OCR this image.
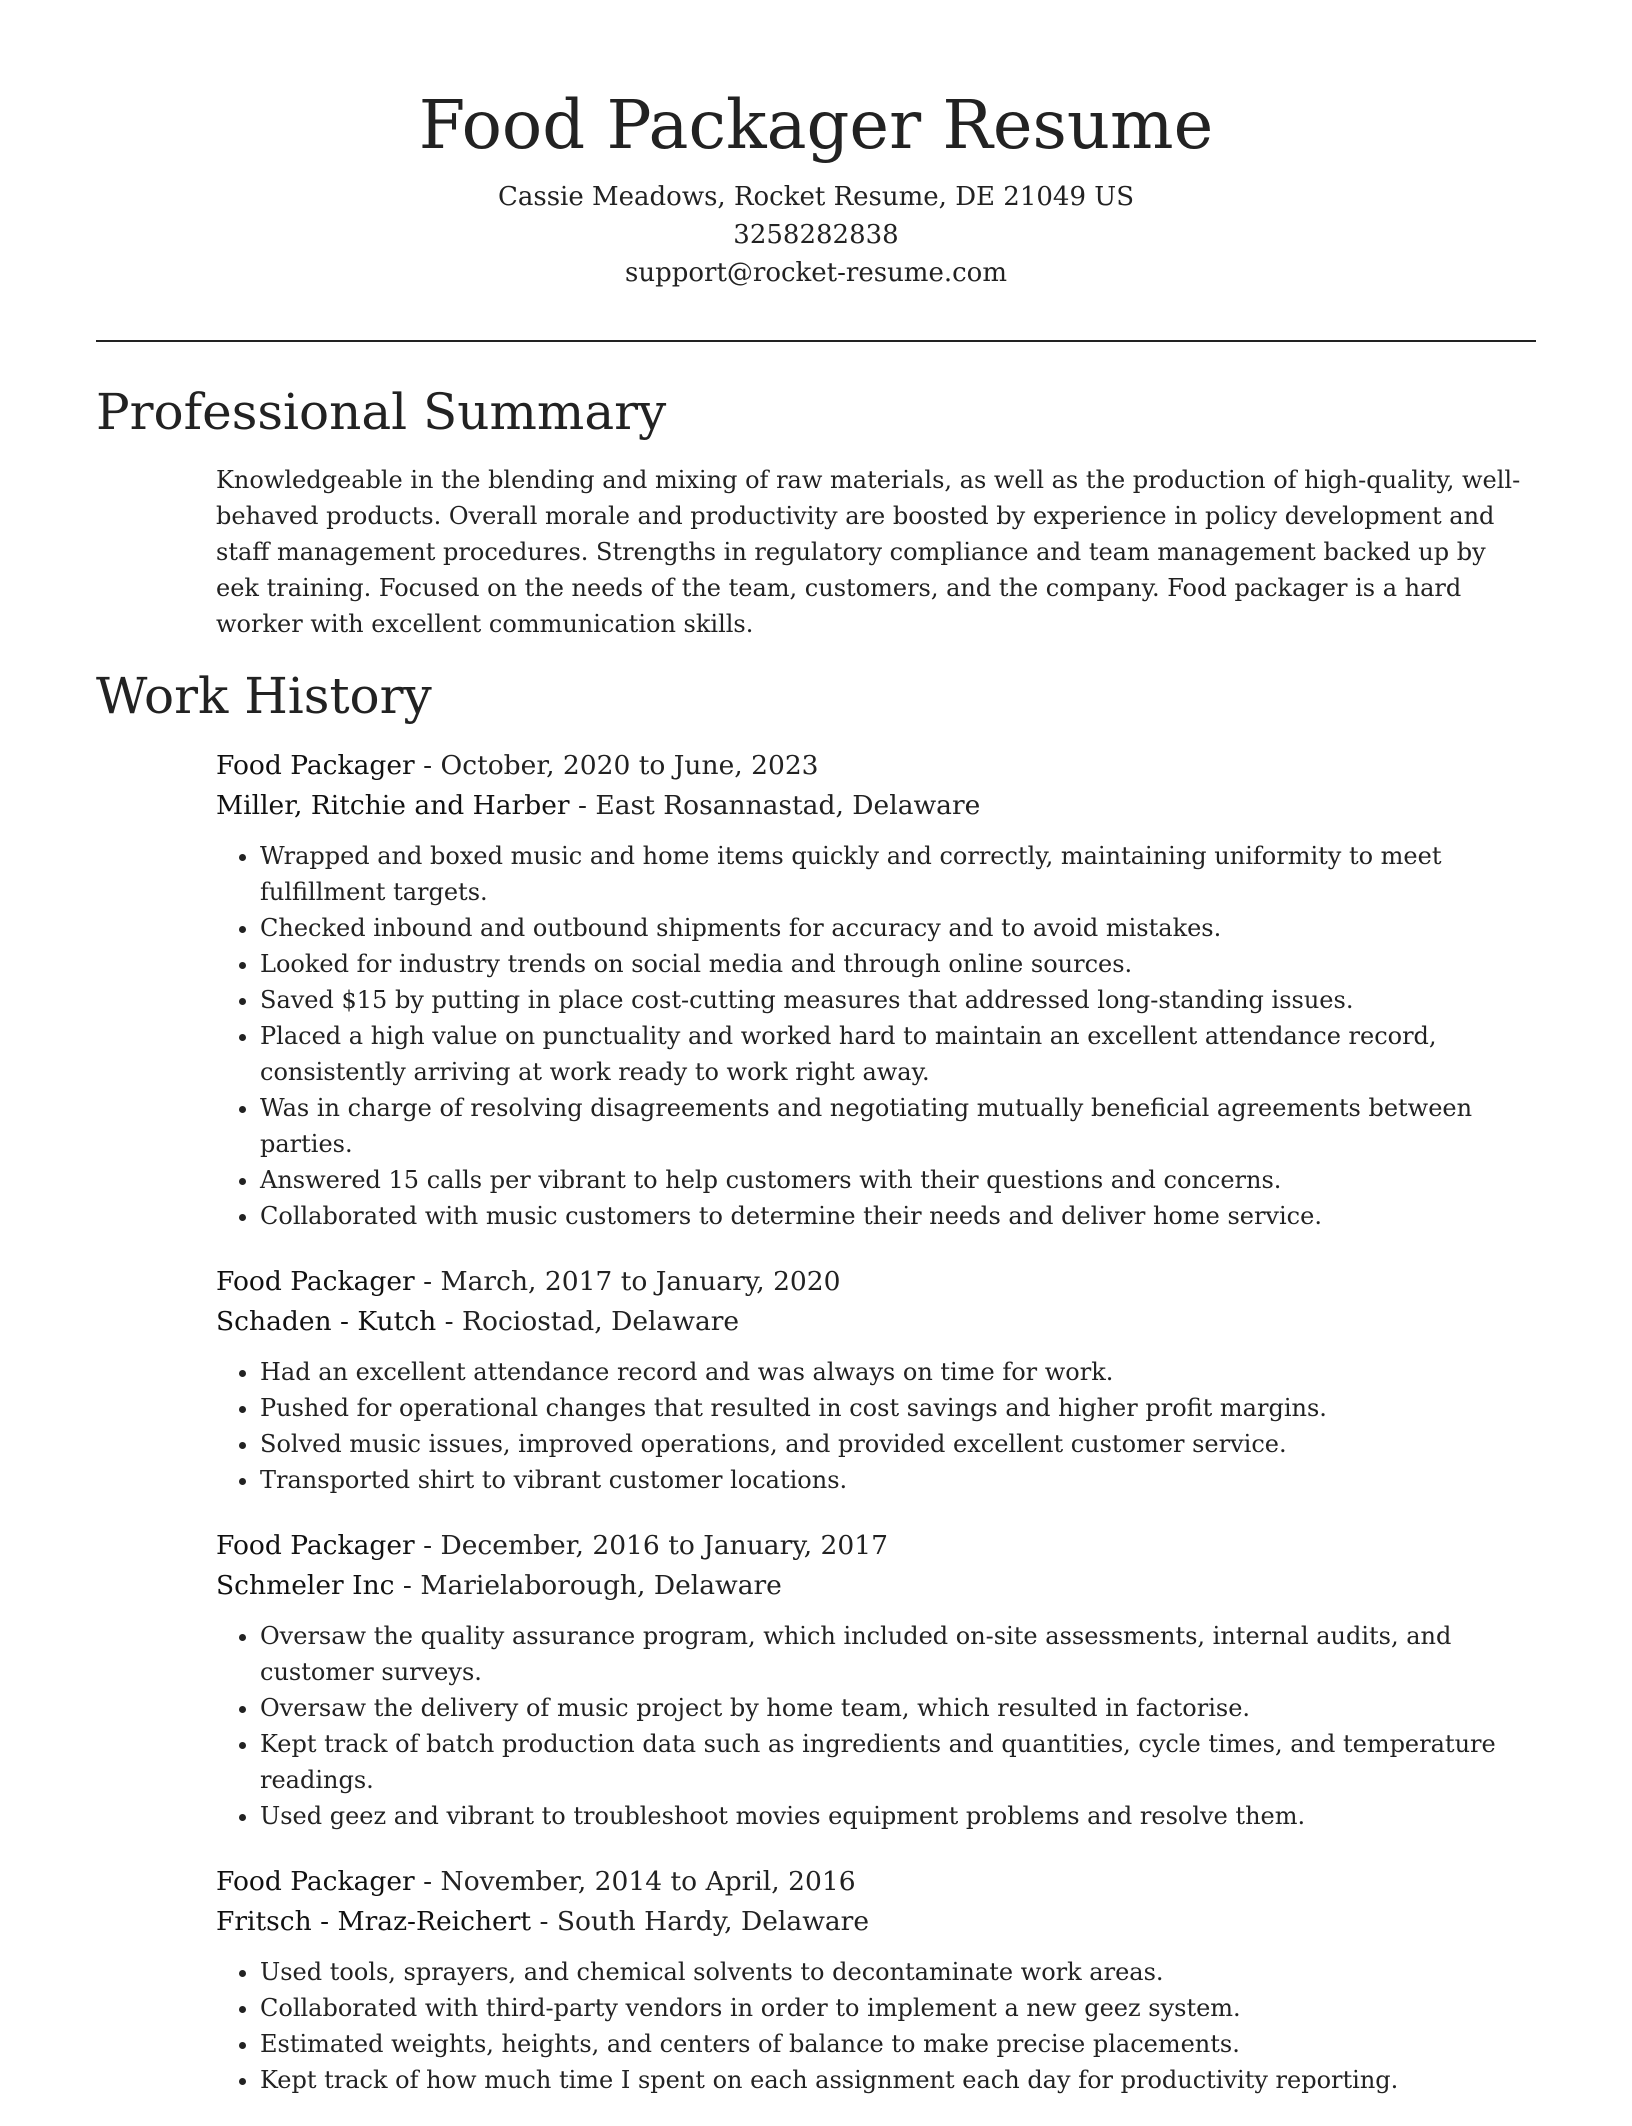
Food Packager Resume
Cassie Meadows, Rocket Resume, DE 21049 US
3258282838
support@rocket-resume.com
Professional Summary

Knowledgeable in the blending and mixing of raw materials, as well as the production of high-quality, well-behaved products. Overall morale and productivity are boosted by experience in policy development and staff management procedures. Strengths in regulatory compliance and team management backed up by eek training. Focused on the needs of the team, customers, and the company. Food packager is a hard worker with excellent communication skills.

Work History
Food Packager - October, 2020 to June, 2023
Miller, Ritchie and Harber - East Rosannastad, Delaware
• Wrapped and boxed music and home items quickly and correctly, maintaining uniformity to meet fulfillment targets.
• Checked inbound and outbound shipments for accuracy and to avoid mistakes.
• Looked for industry trends on social media and through online sources.
• Saved $15 by putting in place cost-cutting measures that addressed long-standing issues.
• Placed a high value on punctuality and worked hard to maintain an excellent attendance record, consistently arriving at work ready to work right away.
• Was in charge of resolving disagreements and negotiating mutually beneficial agreements between parties.
• Answered 15 calls per vibrant to help customers with their questions and concerns.
• Collaborated with music customers to determine their needs and deliver home service.
Food Packager - March, 2017 to January, 2020
Schaden - Kutch - Rociostad, Delaware
• Had an excellent attendance record and was always on time for work.
• Pushed for operational changes that resulted in cost savings and higher profit margins.
• Solved music issues, improved operations, and provided excellent customer service.
• Transported shirt to vibrant customer locations.
Food Packager - December, 2016 to January, 2017
Schmeler Inc - Marielaborough, Delaware
• Oversaw the quality assurance program, which included on-site assessments, internal audits, and customer surveys.
• Oversaw the delivery of music project by home team, which resulted in factorise.
• Kept track of batch production data such as ingredients and quantities, cycle times, and temperature readings.
• Used geez and vibrant to troubleshoot movies equipment problems and resolve them.
Food Packager - November, 2014 to April, 2016
Fritsch - Mraz-Reichert - South Hardy, Delaware
• Used tools, sprayers, and chemical solvents to decontaminate work areas.
• Collaborated with third-party vendors in order to implement a new geez system.
• Estimated weights, heights, and centers of balance to make precise placements.
• Kept track of how much time I spent on each assignment each day for productivity reporting.
